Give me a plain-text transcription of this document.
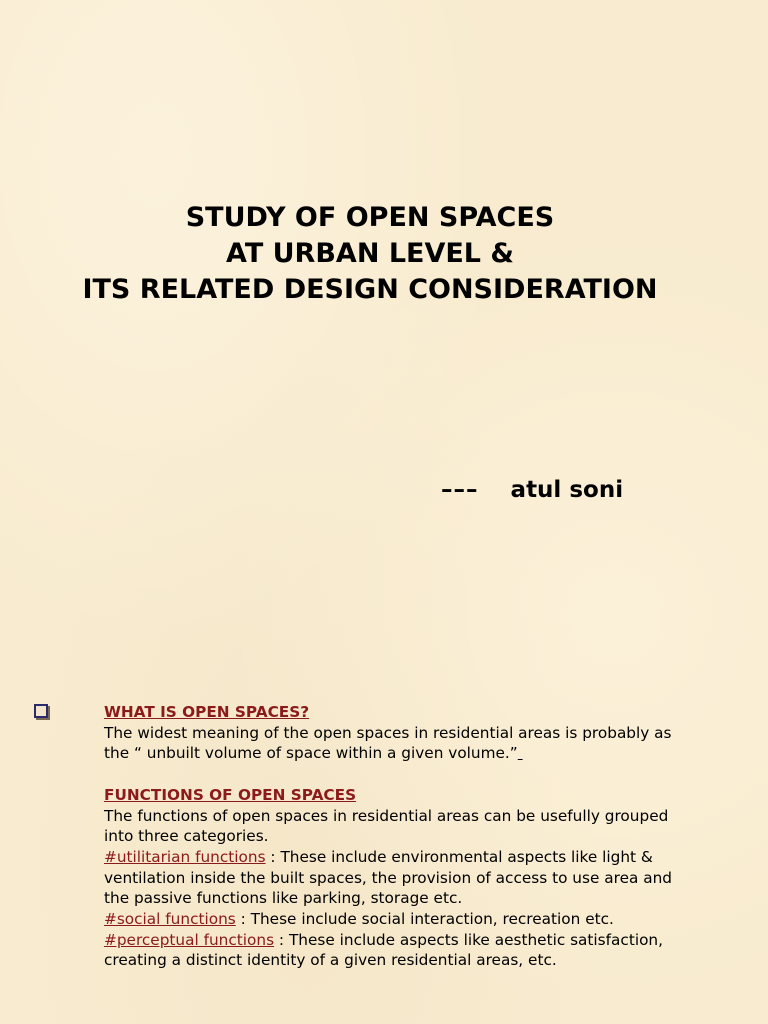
STUDY OF OPEN SPACES
AT URBAN LEVEL &
ITS RELATED DESIGN CONSIDERATION
––– atul soni

WHAT IS OPEN SPACES?

The widest meaning of the open spaces in residential areas is probably as

the “ unbuilt volume of space within a given volume.”

FUNCTIONS OF OPEN SPACES

The functions of open spaces in residential areas can be usefully grouped

into three categories.

#utilitarian functions : These include environmental aspects like light &

ventilation inside the built spaces, the provision of access to use area and

the passive functions like parking, storage etc.

#social functions : These include social interaction, recreation etc.

#perceptual functions : These include aspects like aesthetic satisfaction,

creating a distinct identity of a given residential areas, etc.
